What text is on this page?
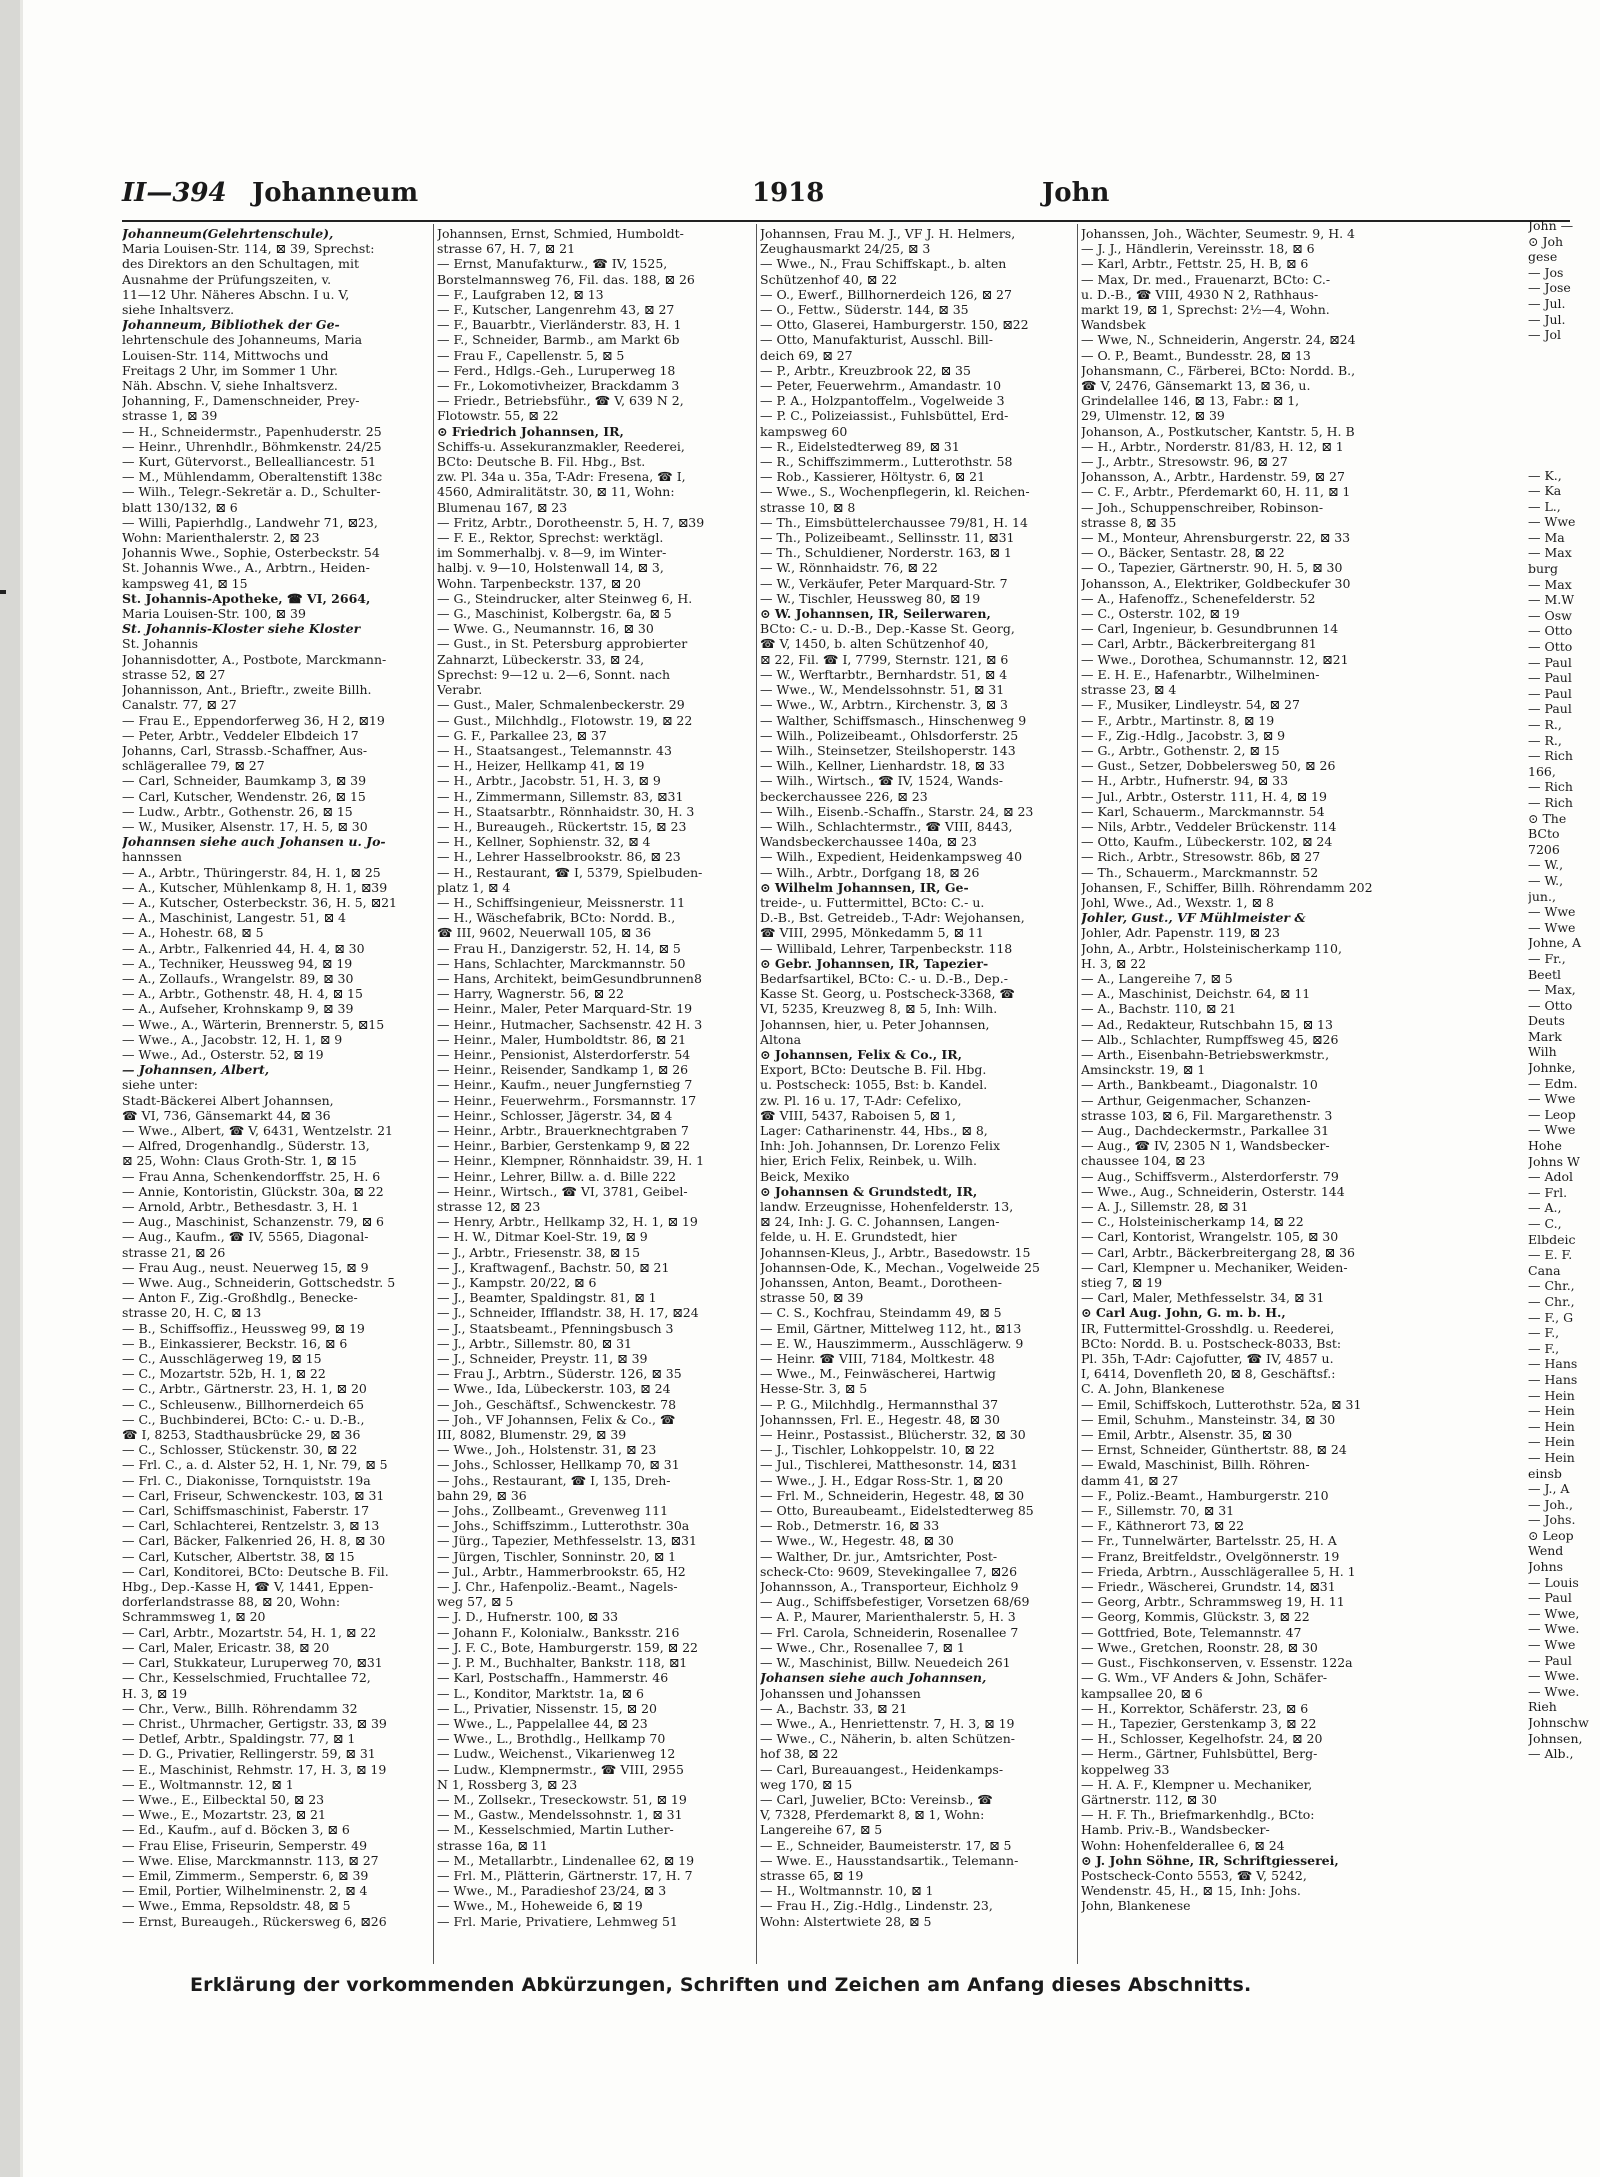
II—394 Johanneum	1918	John
Johanneum(Gelehrtenschule),
Maria Louisen-Str. 114, ⊠ 39, Sprechst:
des Direktors an den Schultagen, mit
Ausnahme der Prüfungszeiten, v.
11—12 Uhr. Näheres Abschn. I u. V,
siehe Inhaltsverz.
Johanneum, Bibliothek der Ge-
lehrtenschule des Johanneums, Maria
Louisen-Str. 114, Mittwochs und
Freitags 2 Uhr, im Sommer 1 Uhr.
Näh. Abschn. V, siehe Inhaltsverz.
Johanning, F., Damenschneider, Prey-
strasse 1, ⊠ 39
— H., Schneidermstr., Papenhuderstr. 25
— Heinr., Uhrenhdlr., Böhmkenstr. 24/25
— Kurt, Gütervorst., Bellealliancestr. 51
— M., Mühlendamm, Oberaltenstift 138c
— Wilh., Telegr.-Sekretär a. D., Schulter-
blatt 130/132, ⊠ 6
— Willi, Papierhdlg., Landwehr 71, ⊠23,
Wohn: Marienthalerstr. 2, ⊠ 23
Johannis Wwe., Sophie, Osterbeckstr. 54
St. Johannis Wwe., A., Arbtrn., Heiden-
kampsweg 41, ⊠ 15
St. Johannis-Apotheke, ☎ VI, 2664,
Maria Louisen-Str. 100, ⊠ 39
St. Johannis-Kloster siehe Kloster
St. Johannis
Johannisdotter, A., Postbote, Marckmann-
strasse 52, ⊠ 27
Johannisson, Ant., Brieftr., zweite Billh.
Canalstr. 77, ⊠ 27
— Frau E., Eppendorferweg 36, H 2, ⊠19
— Peter, Arbtr., Veddeler Elbdeich 17
Johanns, Carl, Strassb.-Schaffner, Aus-
schlägerallee 79, ⊠ 27
— Carl, Schneider, Baumkamp 3, ⊠ 39
— Carl, Kutscher, Wendenstr. 26, ⊠ 15
— Ludw., Arbtr., Gothenstr. 26, ⊠ 15
— W., Musiker, Alsenstr. 17, H. 5, ⊠ 30
Johannsen siehe auch Johansen u. Jo-
hannssen
— A., Arbtr., Thüringerstr. 84, H. 1, ⊠ 25
— A., Kutscher, Mühlenkamp 8, H. 1, ⊠39
— A., Kutscher, Osterbeckstr. 36, H. 5, ⊠21
— A., Maschinist, Langestr. 51, ⊠ 4
— A., Hohestr. 68, ⊠ 5
— A., Arbtr., Falkenried 44, H. 4, ⊠ 30
— A., Techniker, Heussweg 94, ⊠ 19
— A., Zollaufs., Wrangelstr. 89, ⊠ 30
— A., Arbtr., Gothenstr. 48, H. 4, ⊠ 15
— A., Aufseher, Krohnskamp 9, ⊠ 39
— Wwe., A., Wärterin, Brennerstr. 5, ⊠15
— Wwe., A., Jacobstr. 12, H. 1, ⊠ 9
— Wwe., Ad., Osterstr. 52, ⊠ 19
— Johannsen, Albert,
siehe unter:
Stadt-Bäckerei Albert Johannsen,
☎ VI, 736, Gänsemarkt 44, ⊠ 36
— Wwe., Albert, ☎ V, 6431, Wentzelstr. 21
— Alfred, Drogenhandlg., Süderstr. 13,
⊠ 25, Wohn: Claus Groth-Str. 1, ⊠ 15
— Frau Anna, Schenkendorffstr. 25, H. 6
— Annie, Kontoristin, Glückstr. 30a, ⊠ 22
— Arnold, Arbtr., Bethesdastr. 3, H. 1
— Aug., Maschinist, Schanzenstr. 79, ⊠ 6
— Aug., Kaufm., ☎ IV, 5565, Diagonal-
strasse 21, ⊠ 26
— Frau Aug., neust. Neuerweg 15, ⊠ 9
— Wwe. Aug., Schneiderin, Gottschedstr. 5
— Anton F., Zig.-Großhdlg., Benecke-
strasse 20, H. C, ⊠ 13
— B., Schiffsoffiz., Heussweg 99, ⊠ 19
— B., Einkassierer, Beckstr. 16, ⊠ 6
— C., Ausschlägerweg 19, ⊠ 15
— C., Mozartstr. 52b, H. 1, ⊠ 22
— C., Arbtr., Gärtnerstr. 23, H. 1, ⊠ 20
— C., Schleusenw., Billhornerdeich 65
— C., Buchbinderei, BCto: C.- u. D.-B.,
☎ I, 8253, Stadthausbrücke 29, ⊠ 36
— C., Schlosser, Stückenstr. 30, ⊠ 22
— Frl. C., a. d. Alster 52, H. 1, Nr. 79, ⊠ 5
— Frl. C., Diakonisse, Tornquiststr. 19a
— Carl, Friseur, Schwenckestr. 103, ⊠ 31
— Carl, Schiffsmaschinist, Faberstr. 17
— Carl, Schlachterei, Rentzelstr. 3, ⊠ 13
— Carl, Bäcker, Falkenried 26, H. 8, ⊠ 30
— Carl, Kutscher, Albertstr. 38, ⊠ 15
— Carl, Konditorei, BCto: Deutsche B. Fil.
Hbg., Dep.-Kasse H, ☎ V, 1441, Eppen-
dorferlandstrasse 88, ⊠ 20, Wohn:
Schrammsweg 1, ⊠ 20
— Carl, Arbtr., Mozartstr. 54, H. 1, ⊠ 22
— Carl, Maler, Ericastr. 38, ⊠ 20
— Carl, Stukkateur, Luruperweg 70, ⊠31
— Chr., Kesselschmied, Fruchtallee 72,
H. 3, ⊠ 19
— Chr., Verw., Billh. Röhrendamm 32
— Christ., Uhrmacher, Gertigstr. 33, ⊠ 39
— Detlef, Arbtr., Spaldingstr. 77, ⊠ 1
— D. G., Privatier, Rellingerstr. 59, ⊠ 31
— E., Maschinist, Rehmstr. 17, H. 3, ⊠ 19
— E., Woltmannstr. 12, ⊠ 1
— Wwe., E., Eilbecktal 50, ⊠ 23
— Wwe., E., Mozartstr. 23, ⊠ 21
— Ed., Kaufm., auf d. Böcken 3, ⊠ 6
— Frau Elise, Friseurin, Semperstr. 49
— Wwe. Elise, Marckmannstr. 113, ⊠ 27
— Emil, Zimmerm., Semperstr. 6, ⊠ 39
— Emil, Portier, Wilhelminenstr. 2, ⊠ 4
— Wwe., Emma, Repsoldstr. 48, ⊠ 5
— Ernst, Bureaugeh., Rückersweg 6, ⊠26
Johannsen, Ernst, Schmied, Humboldt-
strasse 67, H. 7, ⊠ 21
— Ernst, Manufakturw., ☎ IV, 1525,
Borstelmannsweg 76, Fil. das. 188, ⊠ 26
— F., Laufgraben 12, ⊠ 13
— F., Kutscher, Langenrehm 43, ⊠ 27
— F., Bauarbtr., Vierländerstr. 83, H. 1
— F., Schneider, Barmb., am Markt 6b
— Frau F., Capellenstr. 5, ⊠ 5
— Ferd., Hdlgs.-Geh., Luruperweg 18
— Fr., Lokomotivheizer, Brackdamm 3
— Friedr., Betriebsführ., ☎ V, 639 N 2,
Flotowstr. 55, ⊠ 22
⊙ Friedrich Johannsen, IR,
Schiffs-u. Assekuranzmakler, Reederei,
BCto: Deutsche B. Fil. Hbg., Bst.
zw. Pl. 34a u. 35a, T-Adr: Fresena, ☎ I,
4560, Admiralitätstr. 30, ⊠ 11, Wohn:
Blumenau 167, ⊠ 23
— Fritz, Arbtr., Dorotheenstr. 5, H. 7, ⊠39
— F. E., Rektor, Sprechst: werktägl.
im Sommerhalbj. v. 8—9, im Winter-
halbj. v. 9—10, Holstenwall 14, ⊠ 3,
Wohn. Tarpenbeckstr. 137, ⊠ 20
— G., Steindrucker, alter Steinweg 6, H.
— G., Maschinist, Kolbergstr. 6a, ⊠ 5
— Wwe. G., Neumannstr. 16, ⊠ 30
— Gust., in St. Petersburg approbierter
Zahnarzt, Lübeckerstr. 33, ⊠ 24,
Sprechst: 9—12 u. 2—6, Sonnt. nach
Verabr.
— Gust., Maler, Schmalenbeckerstr. 29
— Gust., Milchhdlg., Flotowstr. 19, ⊠ 22
— G. F., Parkallee 23, ⊠ 37
— H., Staatsangest., Telemannstr. 43
— H., Heizer, Hellkamp 41, ⊠ 19
— H., Arbtr., Jacobstr. 51, H. 3, ⊠ 9
— H., Zimmermann, Sillemstr. 83, ⊠31
— H., Staatsarbtr., Rönnhaidstr. 30, H. 3
— H., Bureaugeh., Rückertstr. 15, ⊠ 23
— H., Kellner, Sophienstr. 32, ⊠ 4
— H., Lehrer Hasselbrookstr. 86, ⊠ 23
— H., Restaurant, ☎ I, 5379, Spielbuden-
platz 1, ⊠ 4
— H., Schiffsingenieur, Meissnerstr. 11
— H., Wäschefabrik, BCto: Nordd. B.,
☎ III, 9602, Neuerwall 105, ⊠ 36
— Frau H., Danzigerstr. 52, H. 14, ⊠ 5
— Hans, Schlachter, Marckmannstr. 50
— Hans, Architekt, beimGesundbrunnen8
— Harry, Wagnerstr. 56, ⊠ 22
— Heinr., Maler, Peter Marquard-Str. 19
— Heinr., Hutmacher, Sachsenstr. 42 H. 3
— Heinr., Maler, Humboldtstr. 86, ⊠ 21
— Heinr., Pensionist, Alsterdorferstr. 54
— Heinr., Reisender, Sandkamp 1, ⊠ 26
— Heinr., Kaufm., neuer Jungfernstieg 7
— Heinr., Feuerwehrm., Forsmannstr. 17
— Heinr., Schlosser, Jägerstr. 34, ⊠ 4
— Heinr., Arbtr., Brauerknechtgraben 7
— Heinr., Barbier, Gerstenkamp 9, ⊠ 22
— Heinr., Klempner, Rönnhaidstr. 39, H. 1
— Heinr., Lehrer, Billw. a. d. Bille 222
— Heinr., Wirtsch., ☎ VI, 3781, Geibel-
strasse 12, ⊠ 23
— Henry, Arbtr., Hellkamp 32, H. 1, ⊠ 19
— H. W., Ditmar Koel-Str. 19, ⊠ 9
— J., Arbtr., Friesenstr. 38, ⊠ 15
— J., Kraftwagenf., Bachstr. 50, ⊠ 21
— J., Kampstr. 20/22, ⊠ 6
— J., Beamter, Spaldingstr. 81, ⊠ 1
— J., Schneider, Ifflandstr. 38, H. 17, ⊠24
— J., Staatsbeamt., Pfenningsbusch 3
— J., Arbtr., Sillemstr. 80, ⊠ 31
— J., Schneider, Preystr. 11, ⊠ 39
— Frau J., Arbtrn., Süderstr. 126, ⊠ 35
— Wwe., Ida, Lübeckerstr. 103, ⊠ 24
— Joh., Geschäftsf., Schwenckestr. 78
— Joh., VF Johannsen, Felix & Co., ☎
III, 8082, Blumenstr. 29, ⊠ 39
— Wwe., Joh., Holstenstr. 31, ⊠ 23
— Johs., Schlosser, Hellkamp 70, ⊠ 31
— Johs., Restaurant, ☎ I, 135, Dreh-
bahn 29, ⊠ 36
— Johs., Zollbeamt., Grevenweg 111
— Johs., Schiffszimm., Lutterothstr. 30a
— Jürg., Tapezier, Methfesselstr. 13, ⊠31
— Jürgen, Tischler, Sonninstr. 20, ⊠ 1
— Jul., Arbtr., Hammerbrookstr. 65, H2
— J. Chr., Hafenpoliz.-Beamt., Nagels-
weg 57, ⊠ 5
— J. D., Hufnerstr. 100, ⊠ 33
— Johann F., Kolonialw., Banksstr. 216
— J. F. C., Bote, Hamburgerstr. 159, ⊠ 22
— J. P. M., Buchhalter, Bankstr. 118, ⊠1
— Karl, Postschaffn., Hammerstr. 46
— L., Konditor, Marktstr. 1a, ⊠ 6
— L., Privatier, Nissenstr. 15, ⊠ 20
— Wwe., L., Pappelallee 44, ⊠ 23
— Wwe., L., Brothdlg., Hellkamp 70
— Ludw., Weichenst., Vikarienweg 12
— Ludw., Klempnermstr., ☎ VIII, 2955
N 1, Rossberg 3, ⊠ 23
— M., Zollsekr., Treseckowstr. 51, ⊠ 19
— M., Gastw., Mendelssohnstr. 1, ⊠ 31
— M., Kesselschmied, Martin Luther-
strasse 16a, ⊠ 11
— M., Metallarbtr., Lindenallee 62, ⊠ 19
— Frl. M., Plätterin, Gärtnerstr. 17, H. 7
— Wwe., M., Paradieshof 23/24, ⊠ 3
— Wwe., M., Hoheweide 6, ⊠ 19
— Frl. Marie, Privatiere, Lehmweg 51
Johannsen, Frau M. J., VF J. H. Helmers,
Zeughausmarkt 24/25, ⊠ 3
— Wwe., N., Frau Schiffskapt., b. alten
Schützenhof 40, ⊠ 22
— O., Ewerf., Billhornerdeich 126, ⊠ 27
— O., Fettw., Süderstr. 144, ⊠ 35
— Otto, Glaserei, Hamburgerstr. 150, ⊠22
— Otto, Manufakturist, Ausschl. Bill-
deich 69, ⊠ 27
— P., Arbtr., Kreuzbrook 22, ⊠ 35
— Peter, Feuerwehrm., Amandastr. 10
— P. A., Holzpantoffelm., Vogelweide 3
— P. C., Polizeiassist., Fuhlsbüttel, Erd-
kampsweg 60
— R., Eidelstedterweg 89, ⊠ 31
— R., Schiffszimmerm., Lutterothstr. 58
— Rob., Kassierer, Höltystr. 6, ⊠ 21
— Wwe., S., Wochenpflegerin, kl. Reichen-
strasse 10, ⊠ 8
— Th., Eimsbüttelerchaussee 79/81, H. 14
— Th., Polizeibeamt., Sellinsstr. 11, ⊠31
— Th., Schuldiener, Norderstr. 163, ⊠ 1
— W., Rönnhaidstr. 76, ⊠ 22
— W., Verkäufer, Peter Marquard-Str. 7
— W., Tischler, Heussweg 80, ⊠ 19
⊙ W. Johannsen, IR, Seilerwaren,
BCto: C.- u. D.-B., Dep.-Kasse St. Georg,
☎ V, 1450, b. alten Schützenhof 40,
⊠ 22, Fil. ☎ I, 7799, Sternstr. 121, ⊠ 6
— W., Werftarbtr., Bernhardstr. 51, ⊠ 4
— Wwe., W., Mendelssohnstr. 51, ⊠ 31
— Wwe., W., Arbtrn., Kirchenstr. 3, ⊠ 3
— Walther, Schiffsmasch., Hinschenweg 9
— Wilh., Polizeibeamt., Ohlsdorferstr. 25
— Wilh., Steinsetzer, Steilshoperstr. 143
— Wilh., Kellner, Lienhardstr. 18, ⊠ 33
— Wilh., Wirtsch., ☎ IV, 1524, Wands-
beckerchaussee 226, ⊠ 23
— Wilh., Eisenb.-Schaffn., Starstr. 24, ⊠ 23
— Wilh., Schlachtermstr., ☎ VIII, 8443,
Wandsbeckerchaussee 140a, ⊠ 23
— Wilh., Expedient, Heidenkampsweg 40
— Wilh., Arbtr., Dorfgang 18, ⊠ 26
⊙ Wilhelm Johannsen, IR, Ge-
treide-, u. Futtermittel, BCto: C.- u.
D.-B., Bst. Getreideb., T-Adr: Wejohansen,
☎ VIII, 2995, Mönkedamm 5, ⊠ 11
— Willibald, Lehrer, Tarpenbeckstr. 118
⊙ Gebr. Johannsen, IR, Tapezier-
Bedarfsartikel, BCto: C.- u. D.-B., Dep.-
Kasse St. Georg, u. Postscheck-3368, ☎
VI, 5235, Kreuzweg 8, ⊠ 5, Inh: Wilh.
Johannsen, hier, u. Peter Johannsen,
Altona
⊙ Johannsen, Felix & Co., IR,
Export, BCto: Deutsche B. Fil. Hbg.
u. Postscheck: 1055, Bst: b. Kandel.
zw. Pl. 16 u. 17, T-Adr: Cefelixo,
☎ VIII, 5437, Raboisen 5, ⊠ 1,
Lager: Catharinenstr. 44, Hbs., ⊠ 8,
Inh: Joh. Johannsen, Dr. Lorenzo Felix
hier, Erich Felix, Reinbek, u. Wilh.
Beick, Mexiko
⊙ Johannsen & Grundstedt, IR,
landw. Erzeugnisse, Hohenfelderstr. 13,
⊠ 24, Inh: J. G. C. Johannsen, Langen-
felde, u. H. E. Grundstedt, hier
Johannsen-Kleus, J., Arbtr., Basedowstr. 15
Johannsen-Ode, K., Mechan., Vogelweide 25
Johanssen, Anton, Beamt., Dorotheen-
strasse 50, ⊠ 39
— C. S., Kochfrau, Steindamm 49, ⊠ 5
— Emil, Gärtner, Mittelweg 112, ht., ⊠13
— E. W., Hauszimmerm., Ausschlägerw. 9
— Heinr. ☎ VIII, 7184, Moltkestr. 48
— Wwe., M., Feinwäscherei, Hartwig
Hesse-Str. 3, ⊠ 5
— P. G., Milchhdlg., Hermannsthal 37
Johannssen, Frl. E., Hegestr. 48, ⊠ 30
— Heinr., Postassist., Blücherstr. 32, ⊠ 30
— J., Tischler, Lohkoppelstr. 10, ⊠ 22
— Jul., Tischlerei, Matthesonstr. 14, ⊠31
— Wwe., J. H., Edgar Ross-Str. 1, ⊠ 20
— Frl. M., Schneiderin, Hegestr. 48, ⊠ 30
— Otto, Bureaubeamt., Eidelstedterweg 85
— Rob., Detmerstr. 16, ⊠ 33
— Wwe., W., Hegestr. 48, ⊠ 30
— Walther, Dr. jur., Amtsrichter, Post-
scheck-Cto: 9609, Stevekingallee 7, ⊠26
Johannsson, A., Transporteur, Eichholz 9
— Aug., Schiffsbefestiger, Vorsetzen 68/69
— A. P., Maurer, Marienthalerstr. 5, H. 3
— Frl. Carola, Schneiderin, Rosenallee 7
— Wwe., Chr., Rosenallee 7, ⊠ 1
— W., Maschinist, Billw. Neuedeich 261
Johansen siehe auch Johannsen,
Johanssen und Johanssen
— A., Bachstr. 33, ⊠ 21
— Wwe., A., Henriettenstr. 7, H. 3, ⊠ 19
— Wwe., C., Näherin, b. alten Schützen-
hof 38, ⊠ 22
— Carl, Bureauangest., Heidenkamps-
weg 170, ⊠ 15
— Carl, Juwelier, BCto: Vereinsb., ☎
V, 7328, Pferdemarkt 8, ⊠ 1, Wohn:
Langereihe 67, ⊠ 5
— E., Schneider, Baumeisterstr. 17, ⊠ 5
— Wwe. E., Hausstandsartik., Telemann-
strasse 65, ⊠ 19
— H., Woltmannstr. 10, ⊠ 1
— Frau H., Zig.-Hdlg., Lindenstr. 23,
Wohn: Alstertwiete 28, ⊠ 5
Johanssen, Joh., Wächter, Seumestr. 9, H. 4
— J. J., Händlerin, Vereinsstr. 18, ⊠ 6
— Karl, Arbtr., Fettstr. 25, H. B, ⊠ 6
— Max, Dr. med., Frauenarzt, BCto: C.-
u. D.-B., ☎ VIII, 4930 N 2, Rathhaus-
markt 19, ⊠ 1, Sprechst: 2½—4, Wohn.
Wandsbek
— Wwe, N., Schneiderin, Angerstr. 24, ⊠24
— O. P., Beamt., Bundesstr. 28, ⊠ 13
Johansmann, C., Färberei, BCto: Nordd. B.,
☎ V, 2476, Gänsemarkt 13, ⊠ 36, u.
Grindelallee 146, ⊠ 13, Fabr.: ⊠ 1,
29, Ulmenstr. 12, ⊠ 39
Johanson, A., Postkutscher, Kantstr. 5, H. B
— H., Arbtr., Norderstr. 81/83, H. 12, ⊠ 1
— J., Arbtr., Stresowstr. 96, ⊠ 27
Johansson, A., Arbtr., Hardenstr. 59, ⊠ 27
— C. F., Arbtr., Pferdemarkt 60, H. 11, ⊠ 1
— Joh., Schuppenschreiber, Robinson-
strasse 8, ⊠ 35
— M., Monteur, Ahrensburgerstr. 22, ⊠ 33
— O., Bäcker, Sentastr. 28, ⊠ 22
— O., Tapezier, Gärtnerstr. 90, H. 5, ⊠ 30
Johansson, A., Elektriker, Goldbeckufer 30
— A., Hafenoffz., Schenefelderstr. 52
— C., Osterstr. 102, ⊠ 19
— Carl, Ingenieur, b. Gesundbrunnen 14
— Carl, Arbtr., Bäckerbreitergang 81
— Wwe., Dorothea, Schumannstr. 12, ⊠21
— E. H. E., Hafenarbtr., Wilhelminen-
strasse 23, ⊠ 4
— F., Musiker, Lindleystr. 54, ⊠ 27
— F., Arbtr., Martinstr. 8, ⊠ 19
— F., Zig.-Hdlg., Jacobstr. 3, ⊠ 9
— G., Arbtr., Gothenstr. 2, ⊠ 15
— Gust., Setzer, Dobbelersweg 50, ⊠ 26
— H., Arbtr., Hufnerstr. 94, ⊠ 33
— Jul., Arbtr., Osterstr. 111, H. 4, ⊠ 19
— Karl, Schauerm., Marckmannstr. 54
— Nils, Arbtr., Veddeler Brückenstr. 114
— Otto, Kaufm., Lübeckerstr. 102, ⊠ 24
— Rich., Arbtr., Stresowstr. 86b, ⊠ 27
— Th., Schauerm., Marckmannstr. 52
Johansen, F., Schiffer, Billh. Röhrendamm 202
Johl, Wwe., Ad., Wexstr. 1, ⊠ 8
Johler, Gust., VF Mühlmeister &
Johler, Adr. Papenstr. 119, ⊠ 23
John, A., Arbtr., Holsteinischerkamp 110,
H. 3, ⊠ 22
— A., Langereihe 7, ⊠ 5
— A., Maschinist, Deichstr. 64, ⊠ 11
— A., Bachstr. 110, ⊠ 21
— Ad., Redakteur, Rutschbahn 15, ⊠ 13
— Alb., Schlachter, Rumpffsweg 45, ⊠26
— Arth., Eisenbahn-Betriebswerkmstr.,
Amsinckstr. 19, ⊠ 1
— Arth., Bankbeamt., Diagonalstr. 10
— Arthur, Geigenmacher, Schanzen-
strasse 103, ⊠ 6, Fil. Margarethenstr. 3
— Aug., Dachdeckermstr., Parkallee 31
— Aug., ☎ IV, 2305 N 1, Wandsbecker-
chaussee 104, ⊠ 23
— Aug., Schiffsverm., Alsterdorferstr. 79
— Wwe., Aug., Schneiderin, Osterstr. 144
— A. J., Sillemstr. 28, ⊠ 31
— C., Holsteinischerkamp 14, ⊠ 22
— Carl, Kontorist, Wrangelstr. 105, ⊠ 30
— Carl, Arbtr., Bäckerbreitergang 28, ⊠ 36
— Carl, Klempner u. Mechaniker, Weiden-
stieg 7, ⊠ 19
— Carl, Maler, Methfesselstr. 34, ⊠ 31
⊙ Carl Aug. John, G. m. b. H.,
IR, Futtermittel-Grosshdlg. u. Reederei,
BCto: Nordd. B. u. Postscheck-8033, Bst:
Pl. 35h, T-Adr: Cajofutter, ☎ IV, 4857 u.
I, 6414, Dovenfleth 20, ⊠ 8, Geschäftsf.:
C. A. John, Blankenese
— Emil, Schiffskoch, Lutterothstr. 52a, ⊠ 31
— Emil, Schuhm., Mansteinstr. 34, ⊠ 30
— Emil, Arbtr., Alsenstr. 35, ⊠ 30
— Ernst, Schneider, Günthertstr. 88, ⊠ 24
— Ewald, Maschinist, Billh. Röhren-
damm 41, ⊠ 27
— F., Poliz.-Beamt., Hamburgerstr. 210
— F., Sillemstr. 70, ⊠ 31
— F., Käthnerort 73, ⊠ 22
— Fr., Tunnelwärter, Bartelsstr. 25, H. A
— Franz, Breitfeldstr., Ovelgönnerstr. 19
— Frieda, Arbtrn., Ausschlägerallee 5, H. 1
— Friedr., Wäscherei, Grundstr. 14, ⊠31
— Georg, Arbtr., Schrammsweg 19, H. 11
— Georg, Kommis, Glückstr. 3, ⊠ 22
— Gottfried, Bote, Telemannstr. 47
— Wwe., Gretchen, Roonstr. 28, ⊠ 30
— Gust., Fischkonserven, v. Essenstr. 122a
— G. Wm., VF Anders & John, Schäfer-
kampsallee 20, ⊠ 6
— H., Korrektor, Schäferstr. 23, ⊠ 6
— H., Tapezier, Gerstenkamp 3, ⊠ 22
— H., Schlosser, Kegelhofstr. 24, ⊠ 20
— Herm., Gärtner, Fuhlsbüttel, Berg-
koppelweg 33
— H. A. F., Klempner u. Mechaniker,
Gärtnerstr. 112, ⊠ 30
— H. F. Th., Briefmarkenhdlg., BCto:
Hamb. Priv.-B., Wandsbecker-
Wohn: Hohenfelderallee 6, ⊠ 24
⊙ J. John Söhne, IR, Schriftgiesserei,
Postscheck-Conto 5553, ☎ V, 5242,
Wendenstr. 45, H., ⊠ 15, Inh: Johs.
John, Blankenese
John —
⊙ Joh
gese
— Jos
— Jose
— Jul.
— Jul.
— Jol
— K.,
— Ka
— L.,
— Wwe
— Ma
— Max
burg
— Max
— M.W
— Osw
— Otto
— Otto
— Paul
— Paul
— Paul
— Paul
— R.,
— R.,
— Rich
166,
— Rich
— Rich
⊙ The
BCto
7206
— W.,
— W.,
jun.,
— Wwe
— Wwe
Johne, A
— Fr.,
Beetl
— Max,
— Otto
Deuts
Mark
Wilh
Johnke,
— Edm.
— Wwe
— Leop
— Wwe
Hohe
Johns W
— Adol
— Frl.
— A.,
— C.,
Elbdeic
— E. F.
Cana
— Chr.,
— Chr.,
— F., G
— F.,
— F.,
— Hans
— Hans
— Hein
— Hein
— Hein
— Hein
— Hein
einsb
— J., A
— Joh.,
— Johs.
⊙ Leop
Wend
Johns
— Louis
— Paul
— Wwe,
— Wwe.
— Wwe
— Paul
— Wwe.
— Wwe.
Rieh
Johnschw
Johnsen,
— Alb.,
Erklärung der vorkommenden Abkürzungen, Schriften und Zeichen am Anfang dieses Abschnitts.
